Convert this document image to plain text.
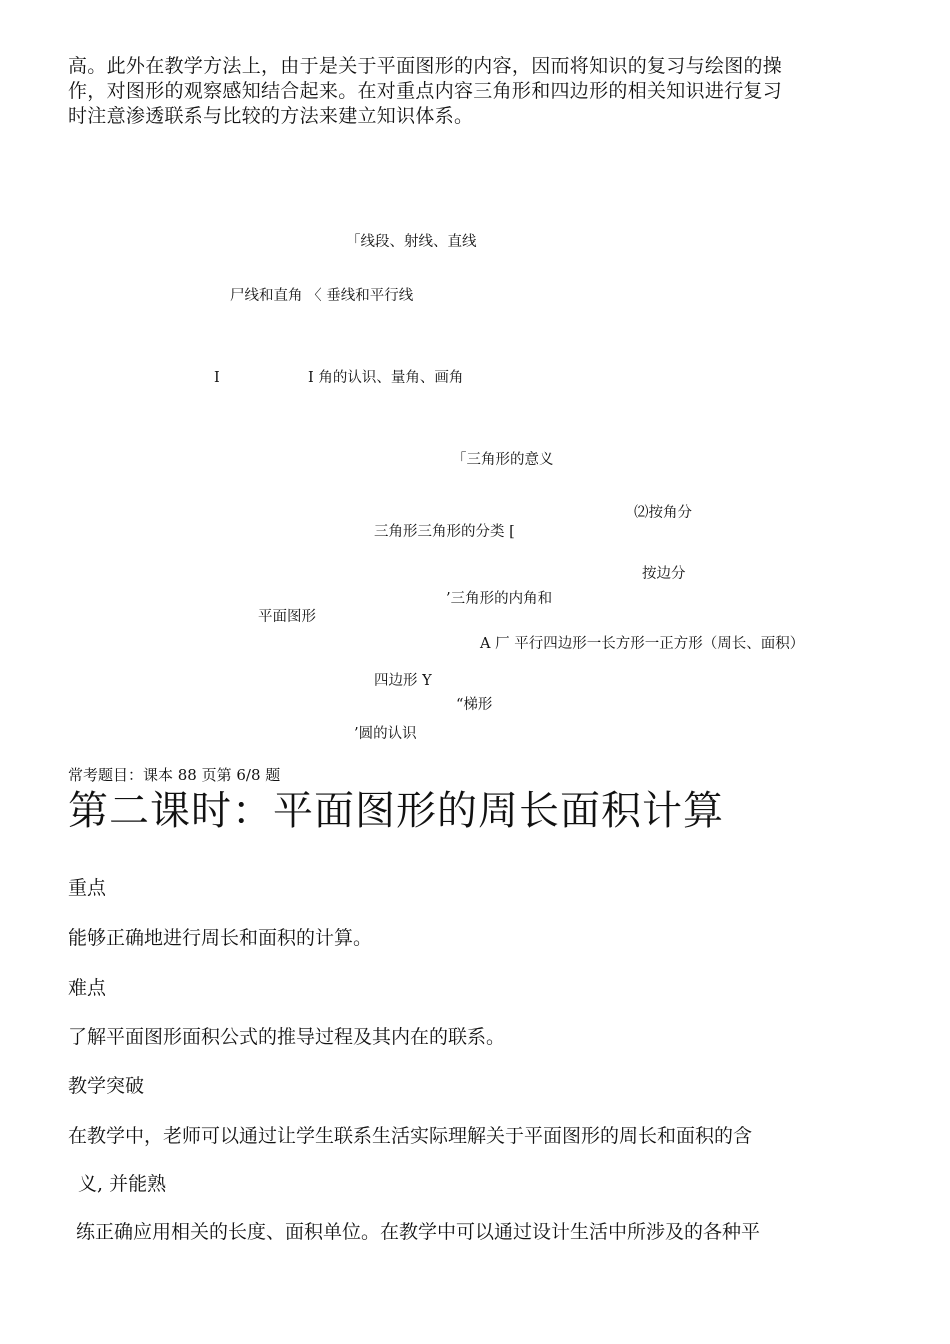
高。此外在教学方法上，由于是关于平面图形的内容，因而将知识的复习与绘图的操

作，对图形的观察感知结合起来。在对重点内容三角形和四边形的相关知识进行复习

时注意渗透联系与比较的方法来建立知识体系。

「线段、射线、直线
尸线和直角 〈 垂线和平行线
I	I 角的认识、量角、画角
「三角形的意义
⑵按角分
三角形三角形的分类 [
按边分
’三角形的内角和
平面图形
A 厂 平行四边形一长方形一正方形（周长、面积）
四边形 Y
“梯形
’圆的认识
常考题目：课本 88 页第 6/8 题
第二课时：平面图形的周长面积计算
重点
能够正确地进行周长和面积的计算。
难点
了解平面图形面积公式的推导过程及其内在的联系。
教学突破
在教学中，老师可以通过让学生联系生活实际理解关于平面图形的周长和面积的含
义, 并能熟
练正确应用相关的长度、面积单位。在教学中可以通过设计生活中所涉及的各种平
